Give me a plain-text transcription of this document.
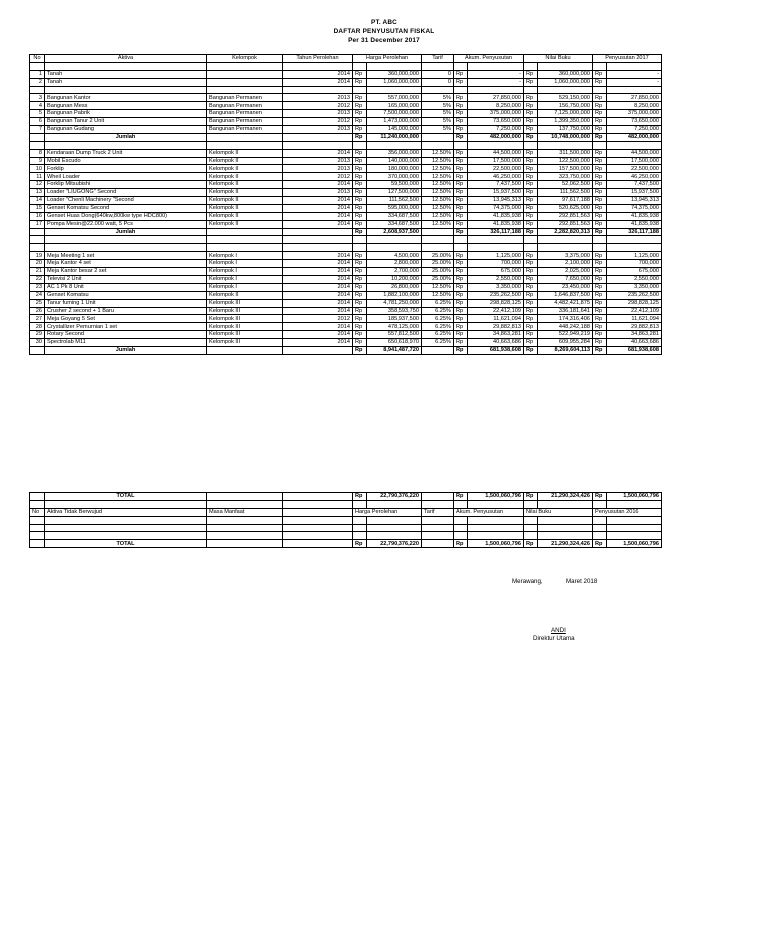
PT. ABC
DAFTAR PENYUSUTAN FISKAL
Per 31 December 2017
No	Aktiva	Kelompok	Tahun Perolehan	Harga Perolehan		Tarif	Akum. Penyusutan		Nilai Buku		Penyusutan 2017	

1	Tanah		2014	Rp	360,000,000	0	Rp	-	Rp	360,000,000	Rp	-
2	Tanah		2014	Rp	1,060,000,000	0	Rp	-	Rp	1,060,000,000	Rp	-

3	Bangunan Kantor	Bangunan Permanen	2013	Rp	557,000,000	5%	Rp	27,850,000	Rp	529,150,000	Rp	27,850,000
4	Bangunan Mess	Bangunan Permanen	2012	Rp	165,000,000	5%	Rp	8,250,000	Rp	156,750,000	Rp	8,250,000
5	Bangunan Pabrik	Bangunan Permanen	2013	Rp	7,500,000,000	5%	Rp	375,000,000	Rp	7,125,000,000	Rp	375,000,000
6	Bangunan Tanur 2 Unit	Bangunan Permanen	2012	Rp	1,473,000,000	5%	Rp	73,650,000	Rp	1,399,350,000	Rp	73,650,000
7	Bangunan Gudang	Bangunan Permanen	2013	Rp	145,000,000	5%	Rp	7,250,000	Rp	137,750,000	Rp	7,250,000
	Jumlah			Rp	11,240,000,000		Rp	482,000,000	Rp	10,748,000,000	Rp	482,000,000

8	Kendaraan Dump Truck 2 Unit	Kelompok II	2014	Rp	356,000,000	12.50%	Rp	44,500,000	Rp	311,500,000	Rp	44,500,000
9	Mobil Escudo	Kelompok II	2013	Rp	140,000,000	12.50%	Rp	17,500,000	Rp	122,500,000	Rp	17,500,000
10	Forklip	Kelompok II	2013	Rp	180,000,000	12.50%	Rp	22,500,000	Rp	157,500,000	Rp	22,500,000
11	Wheil Loader	Kelompok II	2012	Rp	370,000,000	12.50%	Rp	46,250,000	Rp	323,750,000	Rp	46,250,000
12	Forklip Mitsubishi	Kelompok II	2014	Rp	59,500,000	12.50%	Rp	7,437,500	Rp	52,062,500	Rp	7,437,500
13	Loader "LIUGONG" Second	Kelompok II	2013	Rp	127,500,000	12.50%	Rp	15,937,500	Rp	111,562,500	Rp	15,937,500
14	Loader "Chenli Machinery "Second	Kelompok II	2014	Rp	111,562,500	12.50%	Rp	13,945,313	Rp	97,617,188	Rp	13,945,313
15	Genset Komatsu Second	Kelompok II	2014	Rp	595,000,000	12.50%	Rp	74,375,000	Rp	520,625,000	Rp	74,375,000
16	Genset Huas Dong(640kw,800kw type HDC800)	Kelompok II	2014	Rp	334,687,500	12.50%	Rp	41,835,938	Rp	292,851,563	Rp	41,835,938
17	Pompa Mesin@22.000 watt, 5 Pcs	Kelompok II	2014	Rp	334,687,500	12.50%	Rp	41,835,938	Rp	292,851,563	Rp	41,835,938
	Jumlah			Rp	2,608,937,500		Rp	326,117,188	Rp	2,282,820,313	Rp	326,117,188

19	Meja Meeting 1 set	Kelompok I	2014	Rp	4,500,000	25.00%	Rp	1,125,000	Rp	3,375,000	Rp	1,125,000
20	Meja Kantor 4 set	Kelompok I	2014	Rp	2,800,000	25.00%	Rp	700,000	Rp	2,100,000	Rp	700,000
21	Meja Kantor besar 2 set	Kelompok I	2014	Rp	2,700,000	25.00%	Rp	675,000	Rp	2,025,000	Rp	675,000
22	Televisi 2 Unit	Kelompok I	2014	Rp	10,200,000	25.00%	Rp	2,550,000	Rp	7,650,000	Rp	2,550,000
23	AC 1 Pk 8 Unit	Kelompok I	2014	Rp	26,800,000	12.50%	Rp	3,350,000	Rp	23,450,000	Rp	3,350,000
24	Genset Komatsu	Kelompok II	2014	Rp	1,882,100,000	12.50%	Rp	235,262,500	Rp	1,646,837,500	Rp	235,262,500
25	Tanur fuming 1 Unit	Kelompok III	2014	Rp	4,781,250,000	6.25%	Rp	298,828,125	Rp	4,482,421,875	Rp	298,828,125
26	Crusher 2 second + 1 Baru	Kelompok III	2014	Rp	358,593,750	6.25%	Rp	22,412,109	Rp	336,181,641	Rp	22,412,109
27	Meja Goyang 5 Set	Kelompok III	2012	Rp	185,937,500	6.25%	Rp	11,621,094	Rp	174,316,406	Rp	11,621,094
28	Crystallizer Pemurnian 1 set	Kelompok III	2014	Rp	478,125,000	6.25%	Rp	29,882,813	Rp	448,242,188	Rp	29,882,813
29	Rotary Second	Kelompok III	2014	Rp	557,812,500	6.25%	Rp	34,863,281	Rp	522,949,219	Rp	34,863,281
30	Spectrolab M11	Kelompok III	2014	Rp	650,618,970	6.25%	Rp	40,663,686	Rp	609,955,284	Rp	40,663,686
	Jumlah			Rp	8,941,487,720		Rp	681,938,608	Rp	8,269,604,113	Rp	681,938,608
	TOTAL			Rp	22,790,376,220		Rp	1,500,060,796	Rp	21,290,324,426	Rp	1,500,060,796

No	Aktiva Tidak Berwujud	Masa Manfaat		Harga Perolehan		Tarif	Akum. Penyusutan		Nilai Buku		Penyusutan 2016	

	TOTAL			Rp	22,790,376,220		Rp	1,500,060,796	Rp	21,290,324,426	Rp	1,500,060,796
Merawang,	Maret 2018
ANDI
Direktur Utama
